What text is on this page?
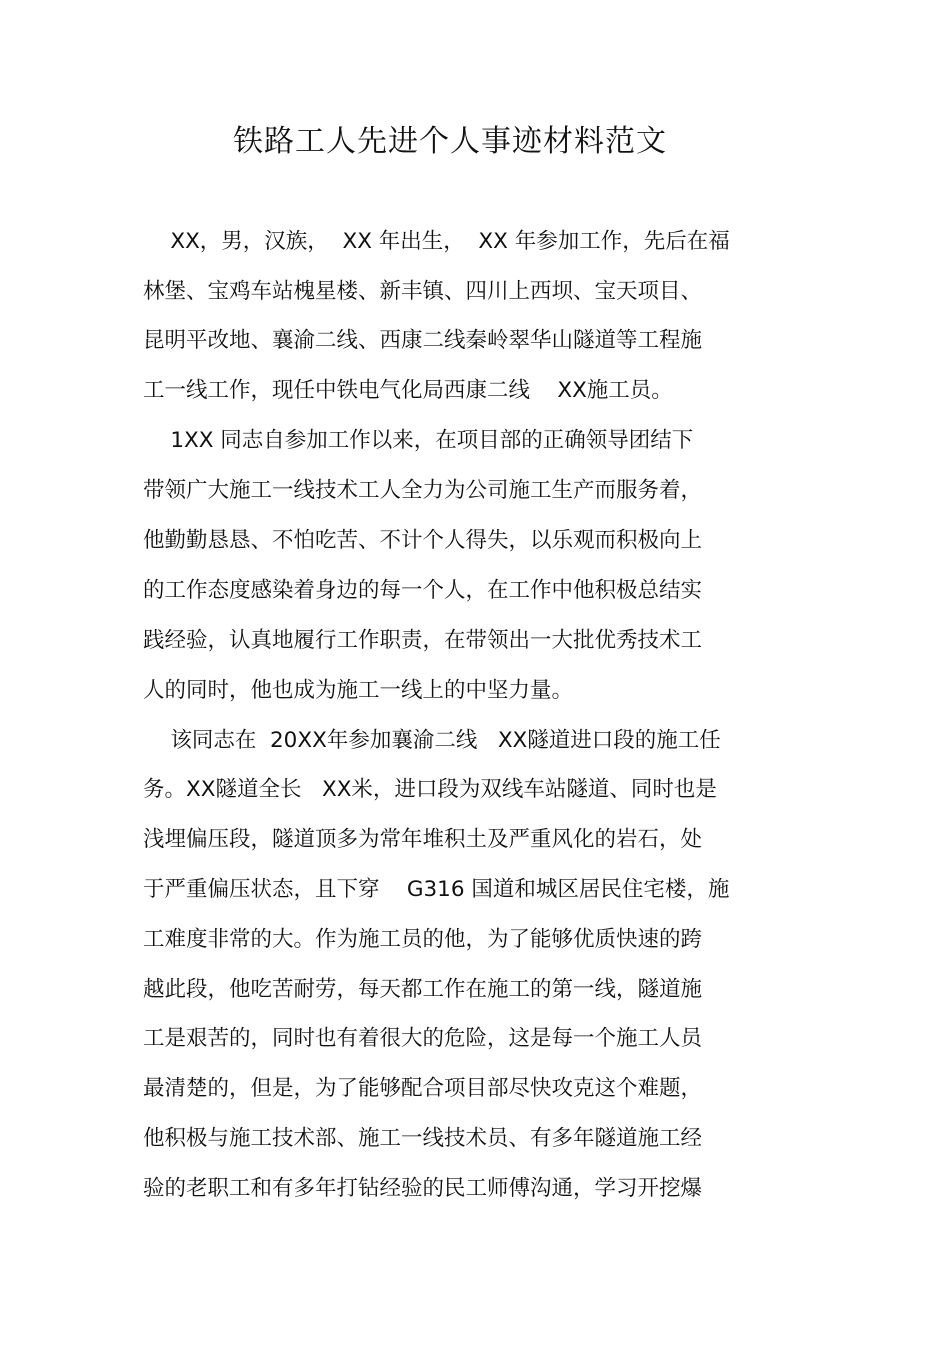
铁路工人先进个人事迹材料范文
XX，男，汉族，  XX 年出生，  XX 年参加工作，先后在福
林堡、宝鸡车站槐星楼、新丰镇、四川上西坝、宝天项目、
昆明平改地、襄渝二线、西康二线秦岭翠华山隧道等工程施
工一线工作，现任中铁电气化局西康二线    XX施工员。
1XX 同志自参加工作以来，在项目部的正确领导团结下
带领广大施工一线技术工人全力为公司施工生产而服务着，
他勤勤恳恳、不怕吃苦、不计个人得失，以乐观而积极向上
的工作态度感染着身边的每一个人，在工作中他积极总结实
践经验，认真地履行工作职责，在带领出一大批优秀技术工
人的同时，他也成为施工一线上的中坚力量。
该同志在  20XX年参加襄渝二线   XX隧道进口段的施工任
务。XX隧道全长   XX米，进口段为双线车站隧道、同时也是
浅埋偏压段，隧道顶多为常年堆积土及严重风化的岩石，处
于严重偏压状态，且下穿    G316 国道和城区居民住宅楼，施
工难度非常的大。作为施工员的他，为了能够优质快速的跨
越此段，他吃苦耐劳，每天都工作在施工的第一线，隧道施
工是艰苦的，同时也有着很大的危险，这是每一个施工人员
最清楚的，但是，为了能够配合项目部尽快攻克这个难题，
他积极与施工技术部、施工一线技术员、有多年隧道施工经
验的老职工和有多年打钻经验的民工师傅沟通，学习开挖爆
